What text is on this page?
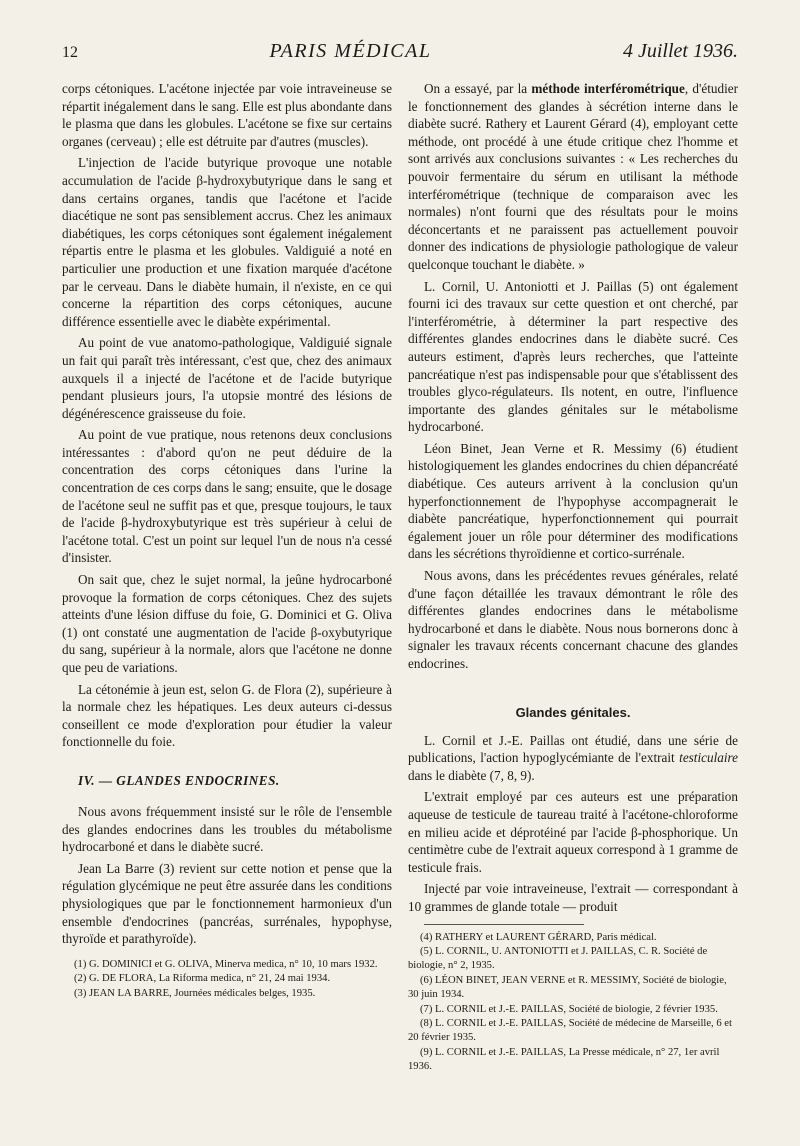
12	PARIS MÉDICAL	4 Juillet 1936.

corps cétoniques. L'acétone injectée par voie intraveineuse se répartit inégalement dans le sang. Elle est plus abondante dans le plasma que dans les globules. L'acétone se fixe sur certains organes (cerveau) ; elle est détruite par d'autres (muscles).

L'injection de l'acide butyrique provoque une notable accumulation de l'acide β-hydroxybutyrique dans le sang et dans certains organes, tandis que l'acétone et l'acide diacétique ne sont pas sensiblement accrus. Chez les animaux diabétiques, les corps cétoniques sont également inégalement répartis entre le plasma et les globules. Valdiguié a noté en particulier une production et une fixation marquée d'acétone par le cerveau. Dans le diabète humain, il n'existe, en ce qui concerne la répartition des corps cétoniques, aucune différence essentielle avec le diabète expérimental.

Au point de vue anatomo-pathologique, Valdiguié signale un fait qui paraît très intéressant, c'est que, chez des animaux auxquels il a injecté de l'acétone et de l'acide butyrique pendant plusieurs jours, l'a utopsie montré des lésions de dégénérescence graisseuse du foie.

Au point de vue pratique, nous retenons deux conclusions intéressantes : d'abord qu'on ne peut déduire de la concentration des corps cétoniques dans l'urine la concentration de ces corps dans le sang; ensuite, que le dosage de l'acétone seul ne suffit pas et que, presque toujours, le taux de l'acide β-hydroxybutyrique est très supérieur à celui de l'acétone total. C'est un point sur lequel l'un de nous n'a cessé d'insister.

On sait que, chez le sujet normal, la jeûne hydrocarboné provoque la formation de corps cétoniques. Chez des sujets atteints d'une lésion diffuse du foie, G. Dominici et G. Oliva (1) ont constaté une augmentation de l'acide β-oxybutyrique du sang, supérieur à la normale, alors que l'acétone ne donne que peu de variations.

La cétonémie à jeun est, selon G. de Flora (2), supérieure à la normale chez les hépatiques. Les deux auteurs ci-dessus conseillent ce mode d'exploration pour étudier la valeur fonctionnelle du foie.

IV. — GLANDES ENDOCRINES.

Nous avons fréquemment insisté sur le rôle de l'ensemble des glandes endocrines dans les troubles du métabolisme hydrocarboné et dans le diabète sucré.

Jean La Barre (3) revient sur cette notion et pense que la régulation glycémique ne peut être assurée dans les conditions physiologiques que par le fonctionnement harmonieux d'un ensemble d'endocrines (pancréas, surrénales, hypophyse, thyroïde et parathyroïde).

(1) G. DOMINICI et G. OLIVA, Minerva medica, n° 10, 10 mars 1932.
(2) G. DE FLORA, La Riforma medica, n° 21, 24 mai 1934.
(3) JEAN LA BARRE, Journées médicales belges, 1935.

On a essayé, par la méthode interférométrique, d'étudier le fonctionnement des glandes à sécrétion interne dans le diabète sucré. Rathery et Laurent Gérard (4), employant cette méthode, ont procédé à une étude critique chez l'homme et sont arrivés aux conclusions suivantes : « Les recherches du pouvoir fermentaire du sérum en utilisant la méthode interférométrique (technique de comparaison avec les normales) n'ont fourni que des résultats pour le moins déconcertants et ne paraissent pas actuellement pouvoir donner des indications de physiologie pathologique de valeur quelconque touchant le diabète. »

L. Cornil, U. Antoniotti et J. Paillas (5) ont également fourni ici des travaux sur cette question et ont cherché, par l'interférométrie, à déterminer la part respective des différentes glandes endocrines dans le diabète sucré. Ces auteurs estiment, d'après leurs recherches, que l'atteinte pancréatique n'est pas indispensable pour que s'établissent des troubles glyco-régulateurs. Ils notent, en outre, l'influence importante des glandes génitales sur le métabolisme hydrocarboné.

Léon Binet, Jean Verne et R. Messimy (6) étudient histologiquement les glandes endocrines du chien dépancréaté diabétique. Ces auteurs arrivent à la conclusion qu'un hyperfonctionnement de l'hypophyse accompagnerait le diabète pancréatique, hyperfonctionnement qui pourrait également jouer un rôle pour déterminer des modifications dans les sécrétions thyroïdienne et cortico-surrénale.

Nous avons, dans les précédentes revues générales, relaté d'une façon détaillée les travaux démontrant le rôle des différentes glandes endocrines dans le métabolisme hydrocarboné et dans le diabète. Nous nous bornerons donc à signaler les travaux récents concernant chacune des glandes endocrines.

Glandes génitales.

L. Cornil et J.-E. Paillas ont étudié, dans une série de publications, l'action hypoglycémiante de l'extrait testiculaire dans le diabète (7, 8, 9).

L'extrait employé par ces auteurs est une préparation aqueuse de testicule de taureau traité à l'acétone-chloroforme en milieu acide et déprotéiné par l'acide β-phosphorique. Un centimètre cube de l'extrait aqueux correspond à 1 gramme de testicule frais.

Injecté par voie intraveineuse, l'extrait — correspondant à 10 grammes de glande totale — produit

(4) RATHERY et LAURENT GÉRARD, Paris médical.
(5) L. CORNIL, U. ANTONIOTTI et J. PAILLAS, C. R. Société de biologie, n° 2, 1935.
(6) LÉON BINET, JEAN VERNE et R. MESSIMY, Société de biologie, 30 juin 1934.
(7) L. CORNIL et J.-E. PAILLAS, Société de biologie, 2 février 1935.
(8) L. CORNIL et J.-E. PAILLAS, Société de médecine de Marseille, 6 et 20 février 1935.
(9) L. CORNIL et J.-E. PAILLAS, La Presse médicale, n° 27, 1er avril 1936.
